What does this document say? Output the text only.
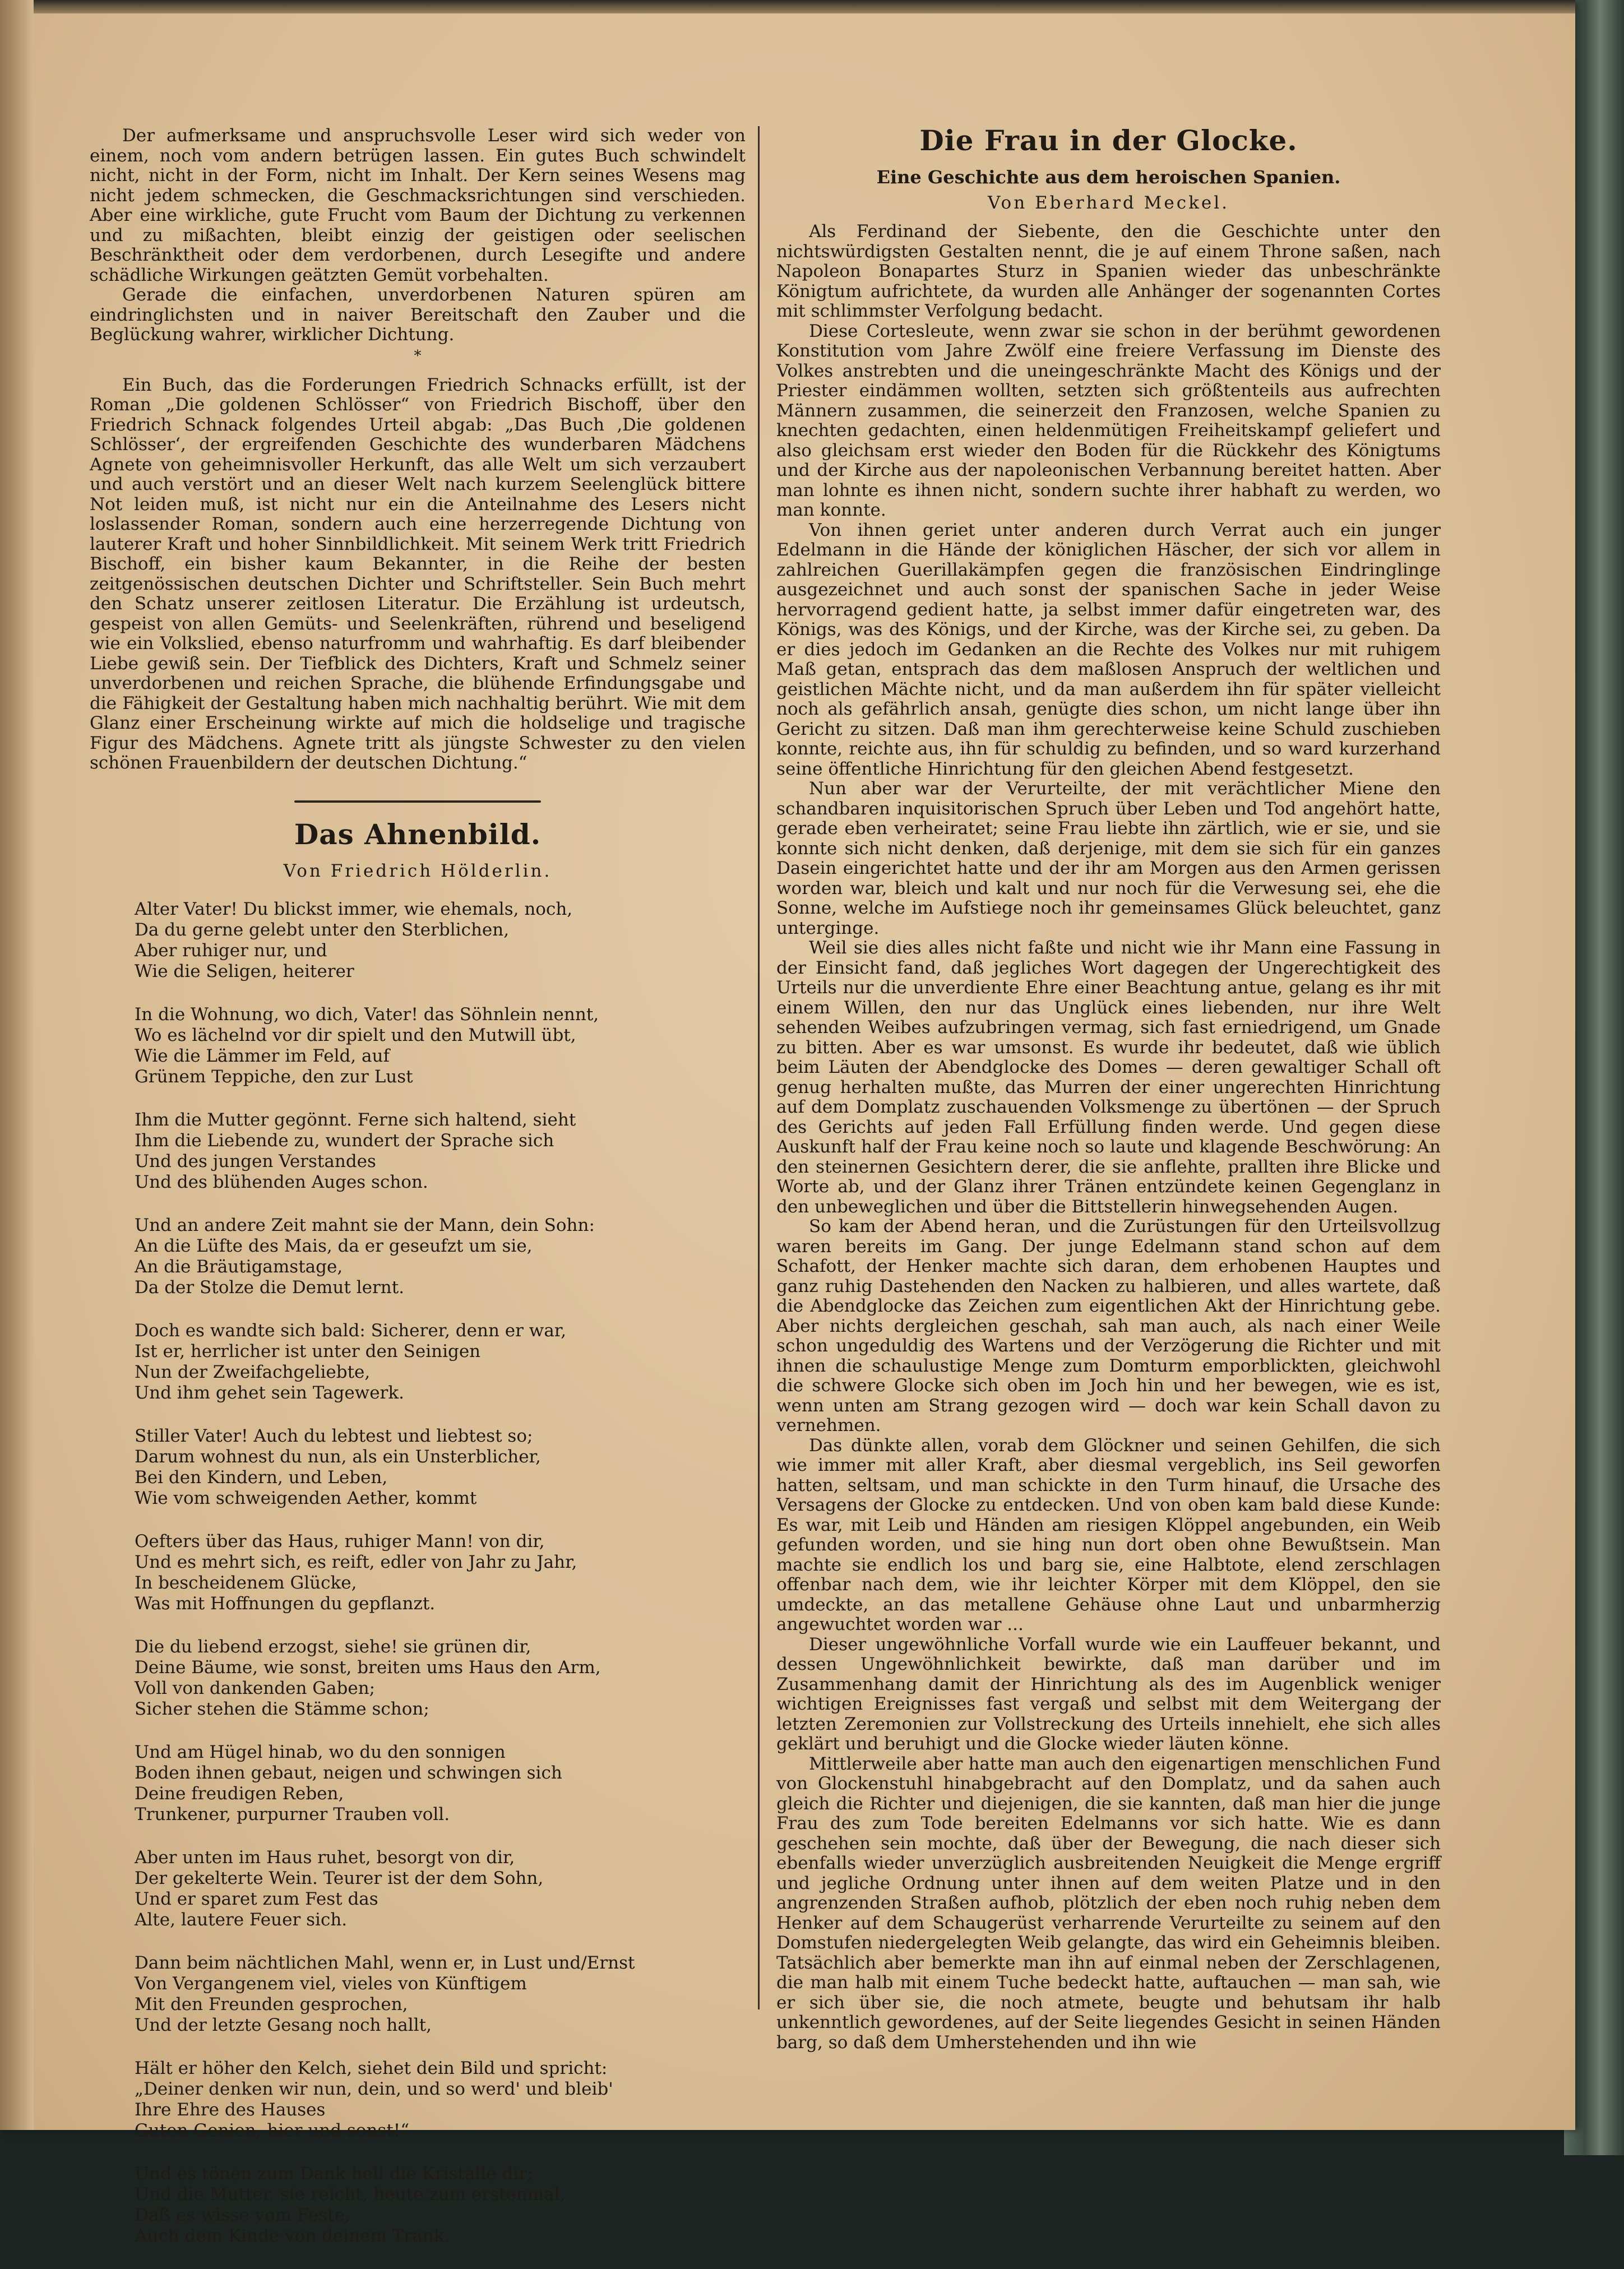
Der aufmerksame und anspruchsvolle Leser wird sich weder von einem, noch vom andern betrügen lassen. Ein gutes Buch schwindelt nicht, nicht in der Form, nicht im Inhalt. Der Kern seines Wesens mag nicht jedem schmecken, die Geschmacksrichtungen sind verschieden. Aber eine wirkliche, gute Frucht vom Baum der Dichtung zu verkennen und zu mißachten, bleibt einzig der geistigen oder seelischen Beschränktheit oder dem verdorbenen, durch Lesegifte und andere schädliche Wirkungen geätzten Gemüt vorbehalten.

Gerade die einfachen, unverdorbenen Naturen spüren am eindringlichsten und in naiver Bereitschaft den Zauber und die Beglückung wahrer, wirklicher Dichtung.

*

Ein Buch, das die Forderungen Friedrich Schnacks erfüllt, ist der Roman „Die goldenen Schlösser“ von Friedrich Bischoff, über den Friedrich Schnack folgendes Urteil abgab: „Das Buch ‚Die goldenen Schlösser‘, der ergreifenden Geschichte des wunderbaren Mädchens Agnete von geheimnisvoller Herkunft, das alle Welt um sich verzaubert und auch verstört und an dieser Welt nach kurzem Seelenglück bittere Not leiden muß, ist nicht nur ein die Anteilnahme des Lesers nicht loslassender Roman, sondern auch eine herzerregende Dichtung von lauterer Kraft und hoher Sinnbildlichkeit. Mit seinem Werk tritt Friedrich Bischoff, ein bisher kaum Bekannter, in die Reihe der besten zeitgenössischen deutschen Dichter und Schriftsteller. Sein Buch mehrt den Schatz unserer zeitlosen Literatur. Die Erzählung ist urdeutsch, gespeist von allen Gemüts- und Seelenkräften, rührend und beseligend wie ein Volkslied, ebenso naturfromm und wahrhaftig. Es darf bleibender Liebe gewiß sein. Der Tiefblick des Dichters, Kraft und Schmelz seiner unverdorbenen und reichen Sprache, die blühende Erfindungsgabe und die Fähigkeit der Gestaltung haben mich nachhaltig berührt. Wie mit dem Glanz einer Erscheinung wirkte auf mich die holdselige und tragische Figur des Mädchens. Agnete tritt als jüngste Schwester zu den vielen schönen Frauenbildern der deutschen Dichtung.“

Das Ahnenbild.
Von Friedrich Hölderlin.
Alter Vater! Du blickst immer, wie ehemals, noch,
Da du gerne gelebt unter den Sterblichen,
Aber ruhiger nur, und
Wie die Seligen, heiterer
In die Wohnung, wo dich, Vater! das Söhnlein nennt,
Wo es lächelnd vor dir spielt und den Mutwill übt,
Wie die Lämmer im Feld, auf
Grünem Teppiche, den zur Lust
Ihm die Mutter gegönnt. Ferne sich haltend, sieht
Ihm die Liebende zu, wundert der Sprache sich
Und des jungen Verstandes
Und des blühenden Auges schon.
Und an andere Zeit mahnt sie der Mann, dein Sohn:
An die Lüfte des Mais, da er geseufzt um sie,
An die Bräutigamstage,
Da der Stolze die Demut lernt.
Doch es wandte sich bald: Sicherer, denn er war,
Ist er, herrlicher ist unter den Seinigen
Nun der Zweifachgeliebte,
Und ihm gehet sein Tagewerk.
Stiller Vater! Auch du lebtest und liebtest so;
Darum wohnest du nun, als ein Unsterblicher,
Bei den Kindern, und Leben,
Wie vom schweigenden Aether, kommt
Oefters über das Haus, ruhiger Mann! von dir,
Und es mehrt sich, es reift, edler von Jahr zu Jahr,
In bescheidenem Glücke,
Was mit Hoffnungen du gepflanzt.
Die du liebend erzogst, siehe! sie grünen dir,
Deine Bäume, wie sonst, breiten ums Haus den Arm,
Voll von dankenden Gaben;
Sicher stehen die Stämme schon;
Und am Hügel hinab, wo du den sonnigen
Boden ihnen gebaut, neigen und schwingen sich
Deine freudigen Reben,
Trunkener, purpurner Trauben voll.
Aber unten im Haus ruhet, besorgt von dir,
Der gekelterte Wein. Teurer ist der dem Sohn,
Und er sparet zum Fest das
Alte, lautere Feuer sich.
Dann beim nächtlichen Mahl, wenn er, in Lust und/Ernst
Von Vergangenem viel, vieles von Künftigem
Mit den Freunden gesprochen,
Und der letzte Gesang noch hallt,
Hält er höher den Kelch, siehet dein Bild und spricht:
„Deiner denken wir nun, dein, und so werd' und bleib'
Ihre Ehre des Hauses
Guten Genien, hier und sonst!“
Und es tönen zum Dank hell die Kristalle dir;
Und die Mutter, sie reicht, heute zum erstenmal,
Daß es wisse vom Feste,
Auch dem Kinde von deinem Trank.
Die Frau in der Glocke.
Eine Geschichte aus dem heroischen Spanien.
Von Eberhard Meckel.

Als Ferdinand der Siebente, den die Geschichte unter den nichtswürdigsten Gestalten nennt, die je auf einem Throne saßen, nach Napoleon Bonapartes Sturz in Spanien wieder das unbeschränkte Königtum aufrichtete, da wurden alle Anhänger der sogenannten Cortes mit schlimmster Verfolgung bedacht.

Diese Cortesleute, wenn zwar sie schon in der berühmt gewordenen Konstitution vom Jahre Zwölf eine freiere Verfassung im Dienste des Volkes anstrebten und die uneingeschränkte Macht des Königs und der Priester eindämmen wollten, setzten sich größtenteils aus aufrechten Männern zusammen, die seinerzeit den Franzosen, welche Spanien zu knechten gedachten, einen heldenmütigen Freiheitskampf geliefert und also gleichsam erst wieder den Boden für die Rückkehr des Königtums und der Kirche aus der napoleonischen Verbannung bereitet hatten. Aber man lohnte es ihnen nicht, sondern suchte ihrer habhaft zu werden, wo man konnte.

Von ihnen geriet unter anderen durch Verrat auch ein junger Edelmann in die Hände der königlichen Häscher, der sich vor allem in zahlreichen Guerillakämpfen gegen die französischen Eindringlinge ausgezeichnet und auch sonst der spanischen Sache in jeder Weise hervorragend gedient hatte, ja selbst immer dafür eingetreten war, des Königs, was des Königs, und der Kirche, was der Kirche sei, zu geben. Da er dies jedoch im Gedanken an die Rechte des Volkes nur mit ruhigem Maß getan, entsprach das dem maßlosen Anspruch der weltlichen und geistlichen Mächte nicht, und da man außerdem ihn für später vielleicht noch als gefährlich ansah, genügte dies schon, um nicht lange über ihn Gericht zu sitzen. Daß man ihm gerechterweise keine Schuld zuschieben konnte, reichte aus, ihn für schuldig zu befinden, und so ward kurzerhand seine öffentliche Hinrichtung für den gleichen Abend festgesetzt.

Nun aber war der Verurteilte, der mit verächtlicher Miene den schandbaren inquisitorischen Spruch über Leben und Tod angehört hatte, gerade eben verheiratet; seine Frau liebte ihn zärtlich, wie er sie, und sie konnte sich nicht denken, daß derjenige, mit dem sie sich für ein ganzes Dasein eingerichtet hatte und der ihr am Morgen aus den Armen gerissen worden war, bleich und kalt und nur noch für die Verwesung sei, ehe die Sonne, welche im Aufstiege noch ihr gemeinsames Glück beleuchtet, ganz unterginge.

Weil sie dies alles nicht faßte und nicht wie ihr Mann eine Fassung in der Einsicht fand, daß jegliches Wort dagegen der Ungerechtigkeit des Urteils nur die unverdiente Ehre einer Beachtung antue, gelang es ihr mit einem Willen, den nur das Unglück eines liebenden, nur ihre Welt sehenden Weibes aufzubringen vermag, sich fast erniedrigend, um Gnade zu bitten. Aber es war umsonst. Es wurde ihr bedeutet, daß wie üblich beim Läuten der Abendglocke des Domes — deren gewaltiger Schall oft genug herhalten mußte, das Murren der einer ungerechten Hinrichtung auf dem Domplatz zuschauenden Volksmenge zu übertönen — der Spruch des Gerichts auf jeden Fall Erfüllung finden werde. Und gegen diese Auskunft half der Frau keine noch so laute und klagende Beschwörung: An den steinernen Gesichtern derer, die sie anflehte, prallten ihre Blicke und Worte ab, und der Glanz ihrer Tränen entzündete keinen Gegenglanz in den unbeweglichen und über die Bittstellerin hinwegsehenden Augen.

So kam der Abend heran, und die Zurüstungen für den Urteilsvollzug waren bereits im Gang. Der junge Edelmann stand schon auf dem Schafott, der Henker machte sich daran, dem erhobenen Hauptes und ganz ruhig Dastehenden den Nacken zu halbieren, und alles wartete, daß die Abendglocke das Zeichen zum eigentlichen Akt der Hinrichtung gebe. Aber nichts dergleichen geschah, sah man auch, als nach einer Weile schon ungeduldig des Wartens und der Verzögerung die Richter und mit ihnen die schaulustige Menge zum Domturm emporblickten, gleichwohl die schwere Glocke sich oben im Joch hin und her bewegen, wie es ist, wenn unten am Strang gezogen wird — doch war kein Schall davon zu vernehmen.

Das dünkte allen, vorab dem Glöckner und seinen Gehilfen, die sich wie immer mit aller Kraft, aber diesmal vergeblich, ins Seil geworfen hatten, seltsam, und man schickte in den Turm hinauf, die Ursache des Versagens der Glocke zu entdecken. Und von oben kam bald diese Kunde: Es war, mit Leib und Händen am riesigen Klöppel angebunden, ein Weib gefunden worden, und sie hing nun dort oben ohne Bewußtsein. Man machte sie endlich los und barg sie, eine Halbtote, elend zerschlagen offenbar nach dem, wie ihr leichter Körper mit dem Klöppel, den sie umdeckte, an das metallene Gehäuse ohne Laut und unbarmherzig angewuchtet worden war ...

Dieser ungewöhnliche Vorfall wurde wie ein Lauffeuer bekannt, und dessen Ungewöhnlichkeit bewirkte, daß man darüber und im Zusammenhang damit der Hinrichtung als des im Augenblick weniger wichtigen Ereignisses fast vergaß und selbst mit dem Weitergang der letzten Zeremonien zur Vollstreckung des Urteils innehielt, ehe sich alles geklärt und beruhigt und die Glocke wieder läuten könne.

Mittlerweile aber hatte man auch den eigenartigen menschlichen Fund von Glockenstuhl hinabgebracht auf den Domplatz, und da sahen auch gleich die Richter und diejenigen, die sie kannten, daß man hier die junge Frau des zum Tode bereiten Edelmanns vor sich hatte. Wie es dann geschehen sein mochte, daß über der Bewegung, die nach dieser sich ebenfalls wieder unverzüglich ausbreitenden Neuigkeit die Menge ergriff und jegliche Ordnung unter ihnen auf dem weiten Platze und in den angrenzenden Straßen aufhob, plötzlich der eben noch ruhig neben dem Henker auf dem Schaugerüst verharrende Verurteilte zu seinem auf den Domstufen niedergelegten Weib gelangte, das wird ein Geheimnis bleiben. Tatsächlich aber bemerkte man ihn auf einmal neben der Zerschlagenen, die man halb mit einem Tuche bedeckt hatte, auftauchen — man sah, wie er sich über sie, die noch atmete, beugte und behutsam ihr halb unkenntlich gewordenes, auf der Seite liegendes Gesicht in seinen Händen barg, so daß dem Umherstehenden und ihn wie
